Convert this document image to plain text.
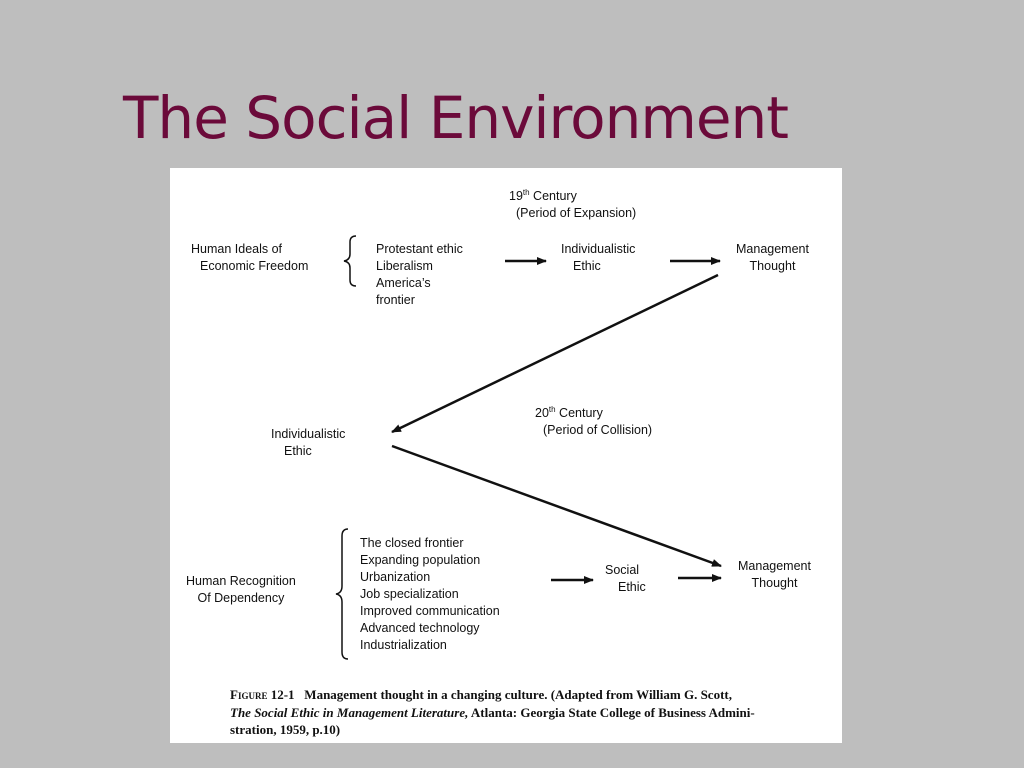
The Social Environment
19th Century
(Period of Expansion)
Human Ideals of
Economic Freedom
Protestant ethic
Liberalism
America’s
frontier
Individualistic
Ethic
Management
Thought
20th Century
(Period of Collision)
Individualistic
Ethic
Human Recognition
Of Dependency
The closed frontier
Expanding population
Urbanization
Job specialization
Improved communication
Advanced technology
Industrialization
Social
Ethic
Management
Thought
Figure 12-1 Management thought in a changing culture. (Adapted from William G. Scott,
The Social Ethic in Management Literature, Atlanta: Georgia State College of Business Admini-
stration, 1959, p.10)
